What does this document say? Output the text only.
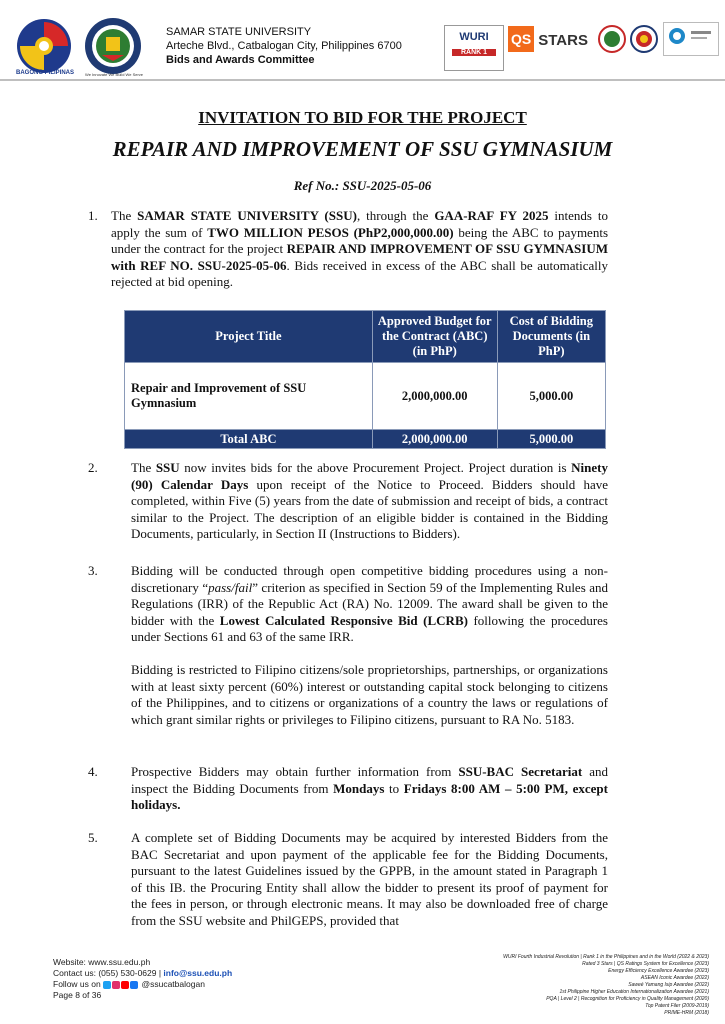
BAGONG PILIPINAS	We Innovate We Build We Serve
SAMAR STATE UNIVERSITY
Arteche Blvd., Catbalogan City, Philippines 6700
Bids and Awards Committee
WURI
RANK 1
QS STARS
INVITATION TO BID FOR THE PROJECT
REPAIR AND IMPROVEMENT OF SSU GYMNASIUM
Ref No.: SSU-2025-05-06
1. The SAMAR STATE UNIVERSITY (SSU), through the GAA-RAF FY 2025 intends to apply the sum of TWO MILLION PESOS (PhP2,000,000.00) being the ABC to payments under the contract for the project REPAIR AND IMPROVEMENT OF SSU GYMNASIUM with REF NO. SSU-2025-05-06. Bids received in excess of the ABC shall be automatically rejected at bid opening.
Project Title	Approved Budget for the Contract (ABC) (in PhP)	Cost of Bidding Documents (in PhP)
Repair and Improvement of SSU Gymnasium	2,000,000.00	5,000.00
Total ABC	2,000,000.00	5,000.00
2.	The SSU now invites bids for the above Procurement Project. Project duration is Ninety (90) Calendar Days upon receipt of the Notice to Proceed. Bidders should have completed, within Five (5) years from the date of submission and receipt of bids, a contract similar to the Project. The description of an eligible bidder is contained in the Bidding Documents, particularly, in Section II (Instructions to Bidders).
3.	Bidding will be conducted through open competitive bidding procedures using a non-discretionary “pass/fail” criterion as specified in Section 59 of the Implementing Rules and Regulations (IRR) of the Republic Act (RA) No. 12009. The award shall be given to the bidder with the Lowest Calculated Responsive Bid (LCRB) following the procedures under Sections 61 and 63 of the same IRR.
Bidding is restricted to Filipino citizens/sole proprietorships, partnerships, or organizations with at least sixty percent (60%) interest or outstanding capital stock belonging to citizens of the Philippines, and to citizens or organizations of a country the laws or regulations of which grant similar rights or privileges to Filipino citizens, pursuant to RA No. 5183.
4.	Prospective Bidders may obtain further information from SSU-BAC Secretariat and inspect the Bidding Documents from Mondays to Fridays 8:00 AM – 5:00 PM, except holidays.
5.	A complete set of Bidding Documents may be acquired by interested Bidders from the BAC Secretariat and upon payment of the applicable fee for the Bidding Documents, pursuant to the latest Guidelines issued by the GPPB, in the amount stated in Paragraph 1 of this IB. the Procuring Entity shall allow the bidder to present its proof of payment for the fees in person, or through electronic means. It may also be downloaded free of charge from the SSU website and PhilGEPS, provided that
Website: www.ssu.edu.ph
Contact us: (055) 530-0629 | info@ssu.edu.ph
Follow us on	@ssucatbalogan
Page 8 of 36
WURI Fourth Industrial Revolution | Rank 1 in the Philippines and in the World (2022 & 2023)
Rated 3 Stars | QS Ratings System for Excellence (2023)
Energy Efficiency Excellence Awardee (2023)
ASEAN Iconic Awardee (2022)
Saweé Yamang Isip Awardee (2022)
1st Philippine Higher Education Internationalization Awardee (2021)
PQA | Level 2 | Recognition for Proficiency in Quality Management (2020)
Top Patent Filer (2009-2019)
PRIME-HRM (2018)
